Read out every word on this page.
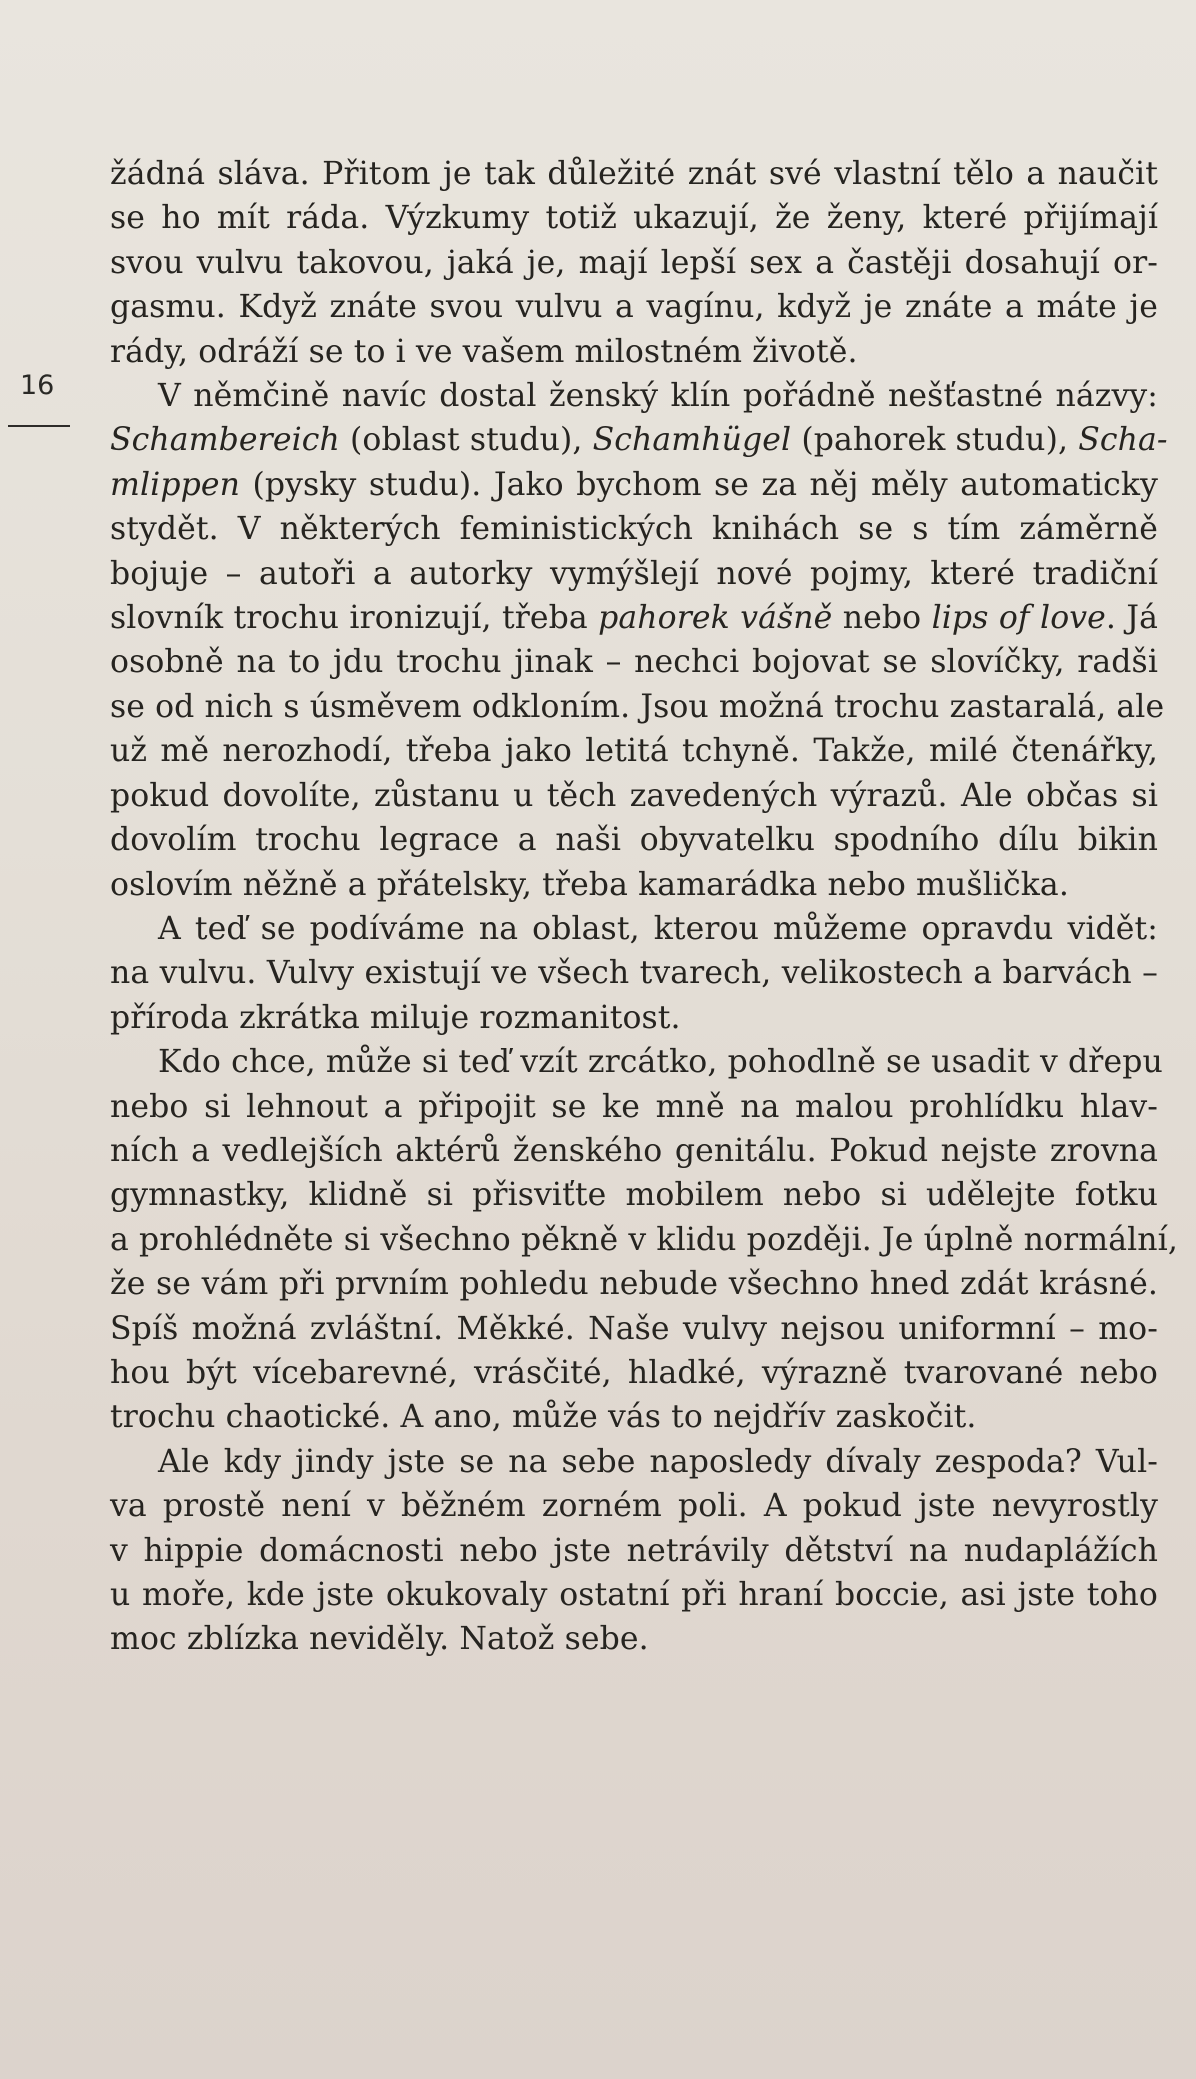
16
žádná sláva. Přitom je tak důležité znát své vlastní tělo a naučit
se ho mít ráda. Výzkumy totiž ukazují, že ženy, které přijímají
svou vulvu takovou, jaká je, mají lepší sex a častěji dosahují or-
gasmu. Když znáte svou vulvu a vagínu, když je znáte a máte je
rády, odráží se to i ve vašem milostném životě.
V němčině navíc dostal ženský klín pořádně nešťastné názvy:
Schambereich (oblast studu), Schamhügel (pahorek studu), Scha-
mlippen (pysky studu). Jako bychom se za něj měly automaticky
stydět. V některých feministických knihách se s tím záměrně
bojuje – autoři a autorky vymýšlejí nové pojmy, které tradiční
slovník trochu ironizují, třeba pahorek vášně nebo lips of love. Já
osobně na to jdu trochu jinak – nechci bojovat se slovíčky, radši
se od nich s úsměvem odkloním. Jsou možná trochu zastaralá, ale
už mě nerozhodí, třeba jako letitá tchyně. Takže, milé čtenářky,
pokud dovolíte, zůstanu u těch zavedených výrazů. Ale občas si
dovolím trochu legrace a naši obyvatelku spodního dílu bikin
oslovím něžně a přátelsky, třeba kamarádka nebo mušlička.
A teď se podíváme na oblast, kterou můžeme opravdu vidět:
na vulvu. Vulvy existují ve všech tvarech, velikostech a barvách –
příroda zkrátka miluje rozmanitost.
Kdo chce, může si teď vzít zrcátko, pohodlně se usadit v dřepu
nebo si lehnout a připojit se ke mně na malou prohlídku hlav-
ních a vedlejších aktérů ženského genitálu. Pokud nejste zrovna
gymnastky, klidně si přisviťte mobilem nebo si udělejte fotku
a prohlédněte si všechno pěkně v klidu později. Je úplně normální,
že se vám při prvním pohledu nebude všechno hned zdát krásné.
Spíš možná zvláštní. Měkké. Naše vulvy nejsou uniformní – mo-
hou být vícebarevné, vrásčité, hladké, výrazně tvarované nebo
trochu chaotické. A ano, může vás to nejdřív zaskočit.
Ale kdy jindy jste se na sebe naposledy dívaly zespoda? Vul-
va prostě není v běžném zorném poli. A pokud jste nevyrostly
v hippie domácnosti nebo jste netrávily dětství na nudaplážích
u moře, kde jste okukovaly ostatní při hraní boccie, asi jste toho
moc zblízka neviděly. Natož sebe.
